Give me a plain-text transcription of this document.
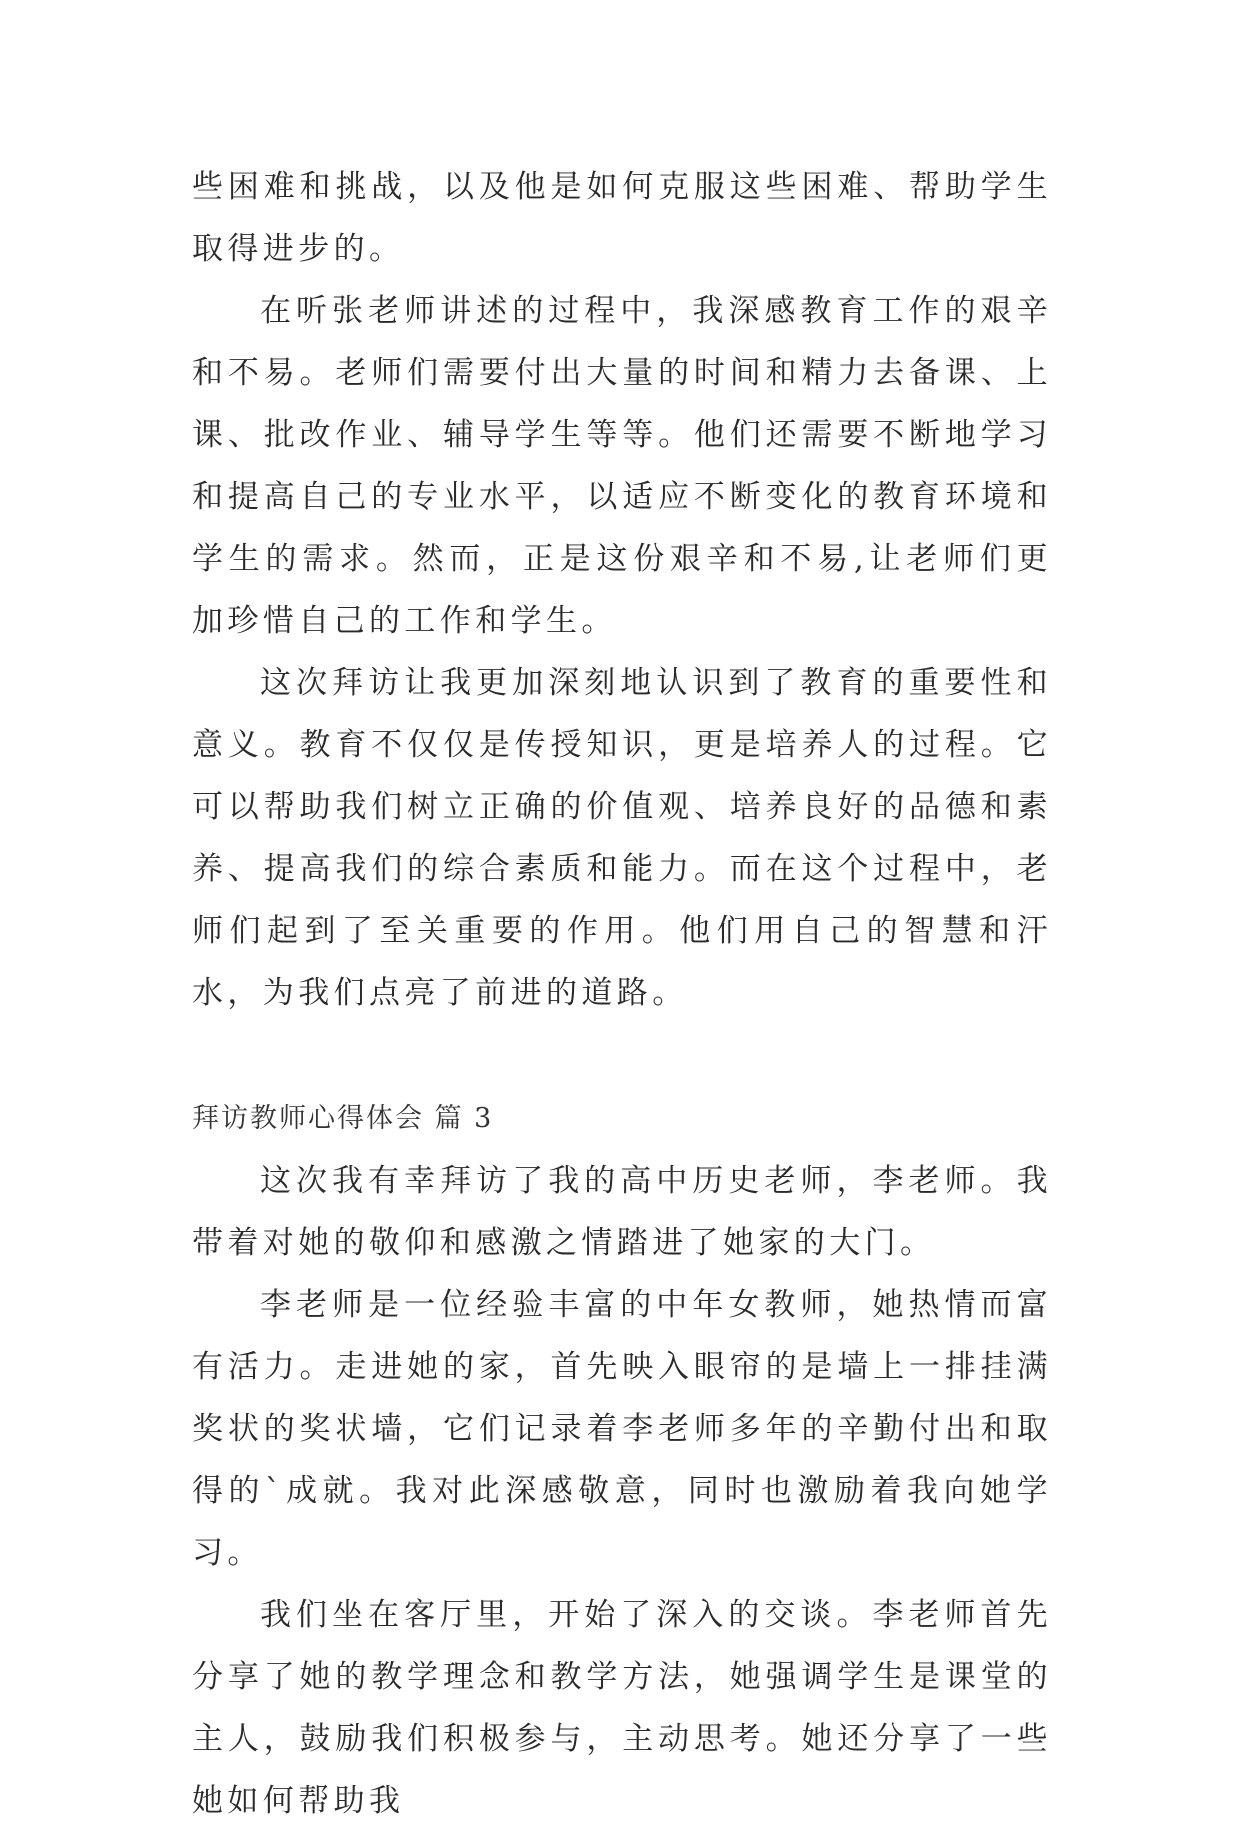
些困难和挑战，以及他是如何克服这些困难、帮助学生取得进步的。

在听张老师讲述的过程中，我深感教育工作的艰辛和不易。老师们需要付出大量的时间和精力去备课、上课、批改作业、辅导学生等等。他们还需要不断地学习和提高自己的专业水平，以适应不断变化的教育环境和学生的需求。然而，正是这份艰辛和不易,让老师们更加珍惜自己的工作和学生。

这次拜访让我更加深刻地认识到了教育的重要性和意义。教育不仅仅是传授知识，更是培养人的过程。它可以帮助我们树立正确的价值观、培养良好的品德和素养、提高我们的综合素质和能力。而在这个过程中，老师们起到了至关重要的作用。他们用自己的智慧和汗水，为我们点亮了前进的道路。

拜访教师心得体会 篇 3

这次我有幸拜访了我的高中历史老师，李老师。我带着对她的敬仰和感激之情踏进了她家的大门。

李老师是一位经验丰富的中年女教师，她热情而富有活力。走进她的家，首先映入眼帘的是墙上一排挂满奖状的奖状墙，它们记录着李老师多年的辛勤付出和取得的`成就。我对此深感敬意，同时也激励着我向她学习。

我们坐在客厅里，开始了深入的交谈。李老师首先分享了她的教学理念和教学方法，她强调学生是课堂的主人，鼓励我们积极参与，主动思考。她还分享了一些她如何帮助我
